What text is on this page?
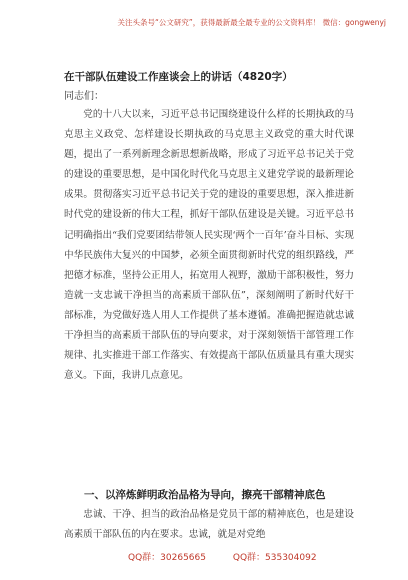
关注头条号“公文研究”，获得最新最全最专业的公文资料库！ 微信：gongwenyj
在干部队伍建设工作座谈会上的讲话（4820字）
同志们：

党的十八大以来，习近平总书记围绕建设什么样的长期执政的马克思主义政党、怎样建设长期执政的马克思主义政党的重大时代课题，提出了一系列新理念新思想新战略，形成了习近平总书记关于党的建设的重要思想，是中国化时代化马克思主义建党学说的最新理论成果。贯彻落实习近平总书记关于党的建设的重要思想，深入推进新时代党的建设新的伟大工程，抓好干部队伍建设是关键。习近平总书记明确指出“我们党要团结带领人民实现‘两个一百年’奋斗目标、实现中华民族伟大复兴的中国梦，必须全面贯彻新时代党的组织路线，严把德才标准，坚持公正用人，拓宽用人视野，激励干部积极性，努力造就一支忠诚干净担当的高素质干部队伍”，深刻阐明了新时代好干部标准，为党做好选人用人工作提供了基本遵循。准确把握造就忠诚干净担当的高素质干部队伍的导向要求，对于深刻领悟干部管理工作规律、扎实推进干部工作落实、有效提高干部队伍质量具有重大现实意义。下面，我讲几点意见。

一、以淬炼鲜明政治品格为导向，擦亮干部精神底色

忠诚、干净、担当的政治品格是党员干部的精神底色，也是建设高素质干部队伍的内在要求。忠诚，就是对党绝

QQ群：30265665	QQ群：535304092
